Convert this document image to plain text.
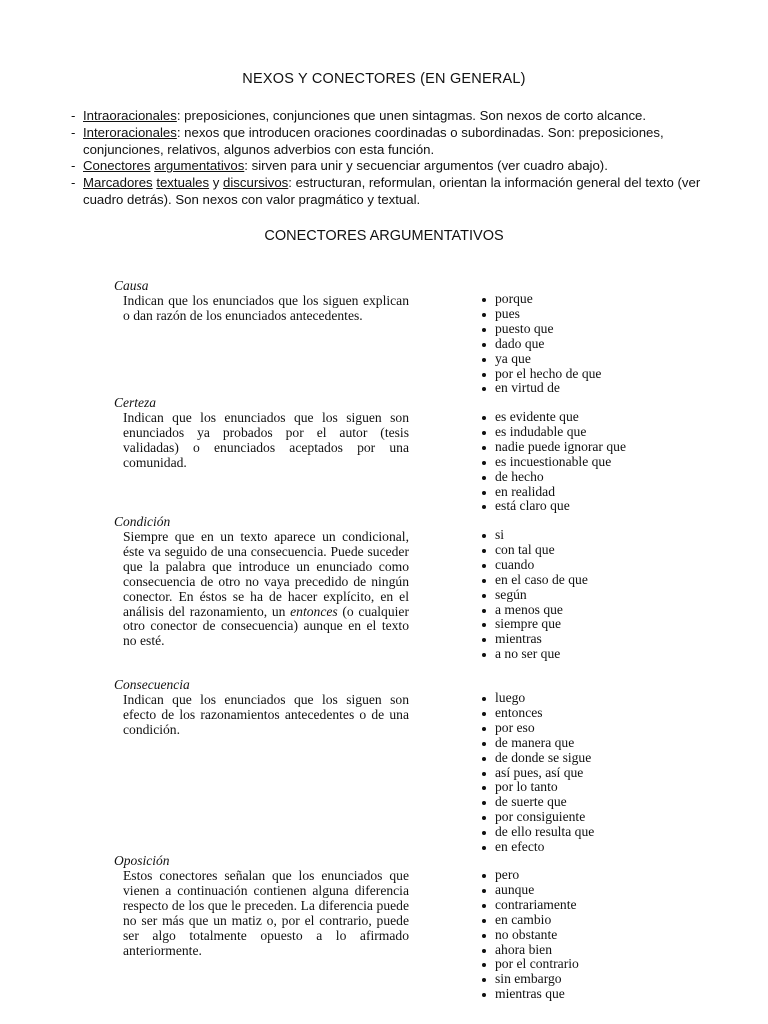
NEXOS Y CONECTORES (EN GENERAL)
- Intraoracionales: preposiciones, conjunciones que unen sintagmas. Son nexos de corto alcance.
- Interoracionales: nexos que introducen oraciones coordinadas o subordinadas. Son: preposiciones, conjunciones, relativos, algunos adverbios con esta función.
- Conectores argumentativos: sirven para unir y secuenciar argumentos (ver cuadro abajo).
- Marcadores textuales y discursivos: estructuran, reformulan, orientan la información general del texto (ver cuadro detrás). Son nexos con valor pragmático y textual.
CONECTORES ARGUMENTATIVOS
Causa
Indican que los enunciados que los siguen explican o dan razón de los enunciados antecedentes.
porque
pues
puesto que
dado que
ya que
por el hecho de que
en virtud de
Certeza
Indican que los enunciados que los siguen son enunciados ya probados por el autor (tesis validadas) o enunciados aceptados por una comunidad.
es evidente que
es indudable que
nadie puede ignorar que
es incuestionable que
de hecho
en realidad
está claro que
Condición
Siempre que en un texto aparece un condicional, éste va seguido de una consecuencia. Puede suceder que la palabra que introduce un enunciado como consecuencia de otro no vaya precedido de ningún conector. En éstos se ha de hacer explícito, en el análisis del razonamiento, un entonces (o cualquier otro conector de consecuencia) aunque en el texto no esté.
si
con tal que
cuando
en el caso de que
según
a menos que
siempre que
mientras
a no ser que
Consecuencia
Indican que los enunciados que los siguen son efecto de los razonamientos antecedentes o de una condición.
luego
entonces
por eso
de manera que
de donde se sigue
así pues, así que
por lo tanto
de suerte que
por consiguiente
de ello resulta que
en efecto
Oposición
Estos conectores señalan que los enunciados que vienen a continuación contienen alguna diferencia respecto de los que le preceden. La diferencia puede no ser más que un matiz o, por el contrario, puede ser algo totalmente opuesto a lo afirmado anteriormente.
pero
aunque
contrariamente
en cambio
no obstante
ahora bien
por el contrario
sin embargo
mientras que
